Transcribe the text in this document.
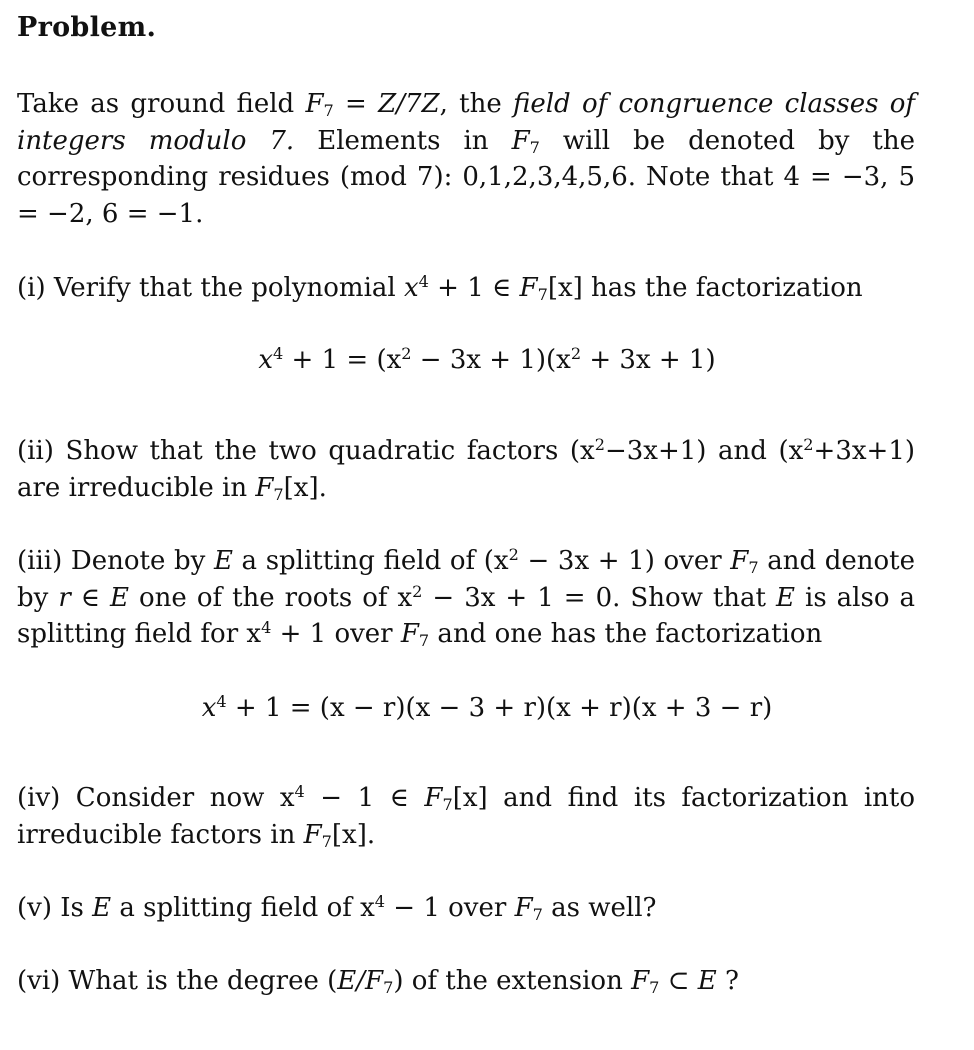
Problem.
Take as ground field $F_7 = Z/7Z$, the field of congruence classes of integers modulo 7. Elements in $F_7$ will be denoted by the corresponding residues (mod 7): 0,1,2,3,4,5,6. Note that 4 = −3, 5 = −2, 6 = −1.
(i) Verify that the polynomial $x^4 + 1$ ∈ $F_7[x]$ has the factorization
$x^4 + 1 = (x^2 - 3x + 1)(x^2 + 3x + 1)$
(ii) Show that the two quadratic factors $(x^2-3x+1)$ and $(x^2+3x+1)$ are irreducible in $F_7[x]$.
(iii) Denote by E a splitting field of $(x^2 - 3x + 1)$ over $F_7$ and denote by r ∈ E one of the roots of $x^2 - 3x + 1 = 0$. Show that E is also a splitting field for $x^4 + 1$ over $F_7$ and one has the factorization
$x^4 + 1 = (x - r)(x - 3 + r)(x + r)(x + 3 - r)$
(iv) Consider now $x^4 - 1$ ∈ $F_7[x]$ and find its factorization into irreducible factors in $F_7[x]$.
(v) Is E a splitting field of $x^4 - 1$ over $F_7$ as well?
(vi) What is the degree $(E/F_7)$ of the extension $F_7$ ⊂ E ?
